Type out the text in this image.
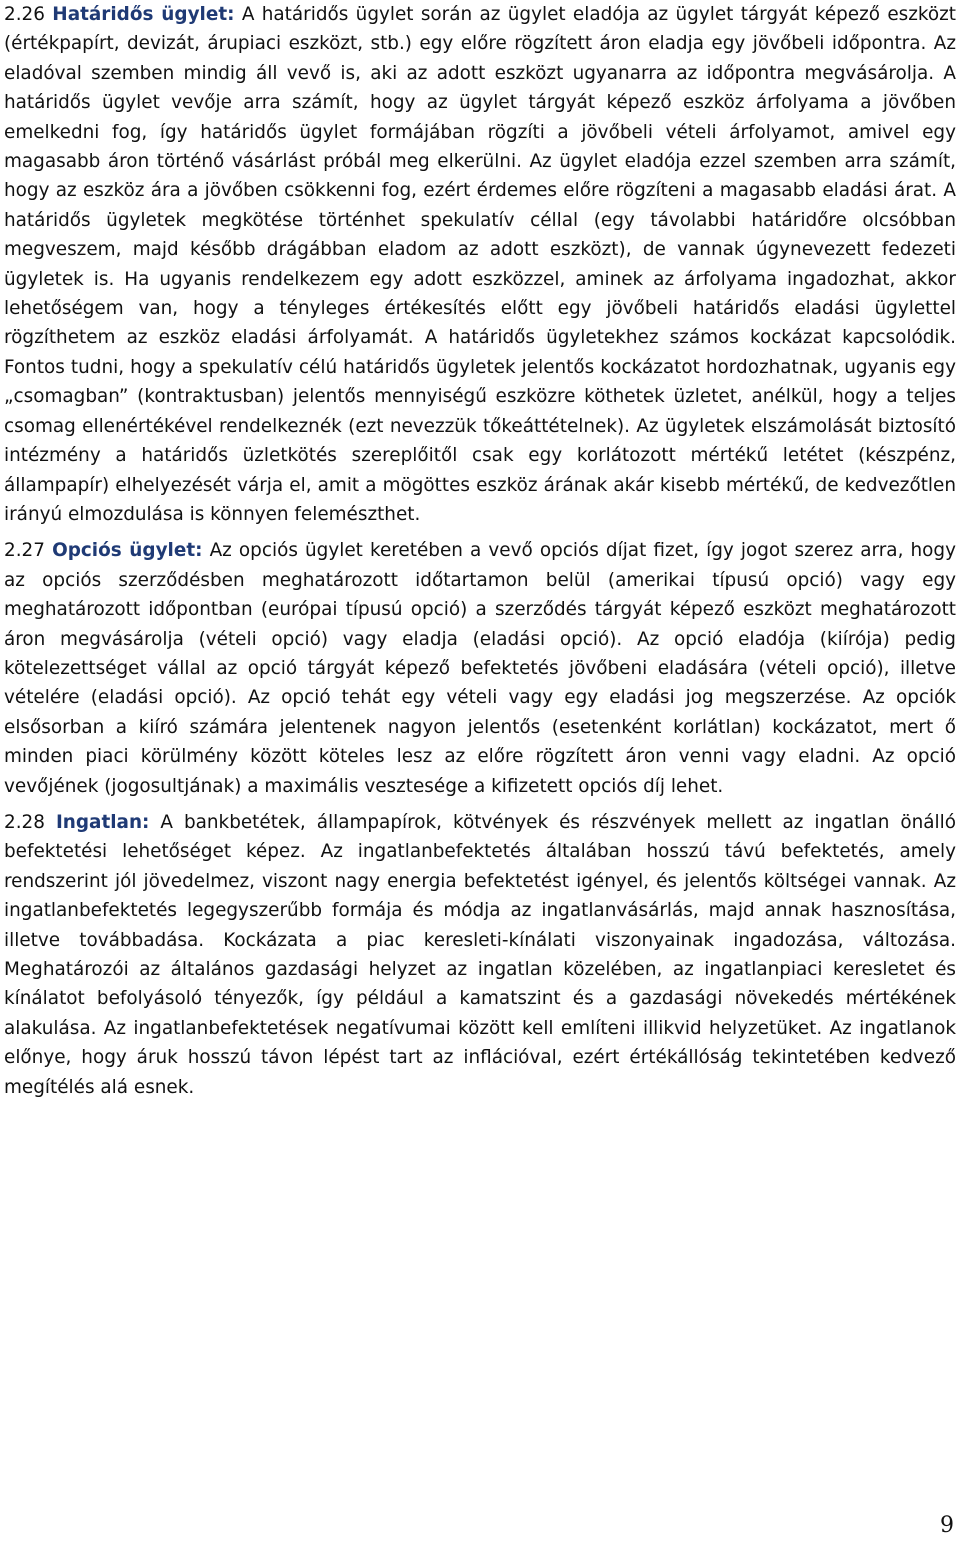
2.26 Határidős ügylet: A határidős ügylet során az ügylet eladója az ügylet tárgyát képező eszközt (értékpapírt, devizát, árupiaci eszközt, stb.) egy előre rögzített áron eladja egy jövőbeli időpontra. Az eladóval szemben mindig áll vevő is, aki az adott eszközt ugyanarra az időpontra megvásárolja. A határidős ügylet vevője arra számít, hogy az ügylet tárgyát képező eszköz árfolyama a jövőben emelkedni fog, így határidős ügylet formájában rögzíti a jövőbeli vételi árfolyamot, amivel egy magasabb áron történő vásárlást próbál meg elkerülni. Az ügylet eladója ezzel szemben arra számít, hogy az eszköz ára a jövőben csökkenni fog, ezért érdemes előre rögzíteni a magasabb eladási árat. A határidős ügyletek megkötése történhet spekulatív céllal (egy távolabbi határidőre olcsóbban megveszem, majd később drágábban eladom az adott eszközt), de vannak úgynevezett fedezeti ügyletek is. Ha ugyanis rendelkezem egy adott eszközzel, aminek az árfolyama ingadozhat, akkor lehetőségem van, hogy a tényleges értékesítés előtt egy jövőbeli határidős eladási ügylettel rögzíthetem az eszköz eladási árfolyamát. A határidős ügyletekhez számos kockázat kapcsolódik. Fontos tudni, hogy a spekulatív célú határidős ügyletek jelentős kockázatot hordozhatnak, ugyanis egy „csomagban” (kontraktusban) jelentős mennyiségű eszközre köthetek üzletet, anélkül, hogy a teljes csomag ellenértékével rendelkeznék (ezt nevezzük tőkeáttételnek). Az ügyletek elszámolását biztosító intézmény a határidős üzletkötés szereplőitől csak egy korlátozott mértékű letétet (készpénz, állampapír) elhelyezését várja el, amit a mögöttes eszköz árának akár kisebb mértékű, de kedvezőtlen irányú elmozdulása is könnyen felemészthet.

2.27 Opciós ügylet: Az opciós ügylet keretében a vevő opciós díjat fizet, így jogot szerez arra, hogy az opciós szerződésben meghatározott időtartamon belül (amerikai típusú opció) vagy egy meghatározott időpontban (európai típusú opció) a szerződés tárgyát képező eszközt meghatározott áron megvásárolja (vételi opció) vagy eladja (eladási opció). Az opció eladója (kiírója) pedig kötelezettséget vállal az opció tárgyát képező befektetés jövőbeni eladására (vételi opció), illetve vételére (eladási opció). Az opció tehát egy vételi vagy egy eladási jog megszerzése. Az opciók elsősorban a kiíró számára jelentenek nagyon jelentős (esetenként korlátlan) kockázatot, mert ő minden piaci körülmény között köteles lesz az előre rögzített áron venni vagy eladni. Az opció vevőjének (jogosultjának) a maximális vesztesége a kifizetett opciós díj lehet.

2.28 Ingatlan: A bankbetétek, állampapírok, kötvények és részvények mellett az ingatlan önálló befektetési lehetőséget képez. Az ingatlanbefektetés általában hosszú távú befektetés, amely rendszerint jól jövedelmez, viszont nagy energia befektetést igényel, és jelentős költségei vannak. Az ingatlanbefektetés legegyszerűbb formája és módja az ingatlanvásárlás, majd annak hasznosítása, illetve továbbadása. Kockázata a piac keresleti-kínálati viszonyainak ingadozása, változása. Meghatározói az általános gazdasági helyzet az ingatlan közelében, az ingatlanpiaci keresletet és kínálatot befolyásoló tényezők, így például a kamatszint és a gazdasági növekedés mértékének alakulása. Az ingatlanbefektetések negatívumai között kell említeni illikvid helyzetüket. Az ingatlanok előnye, hogy áruk hosszú távon lépést tart az inflációval, ezért értékállóság tekintetében kedvező megítélés alá esnek.

9
